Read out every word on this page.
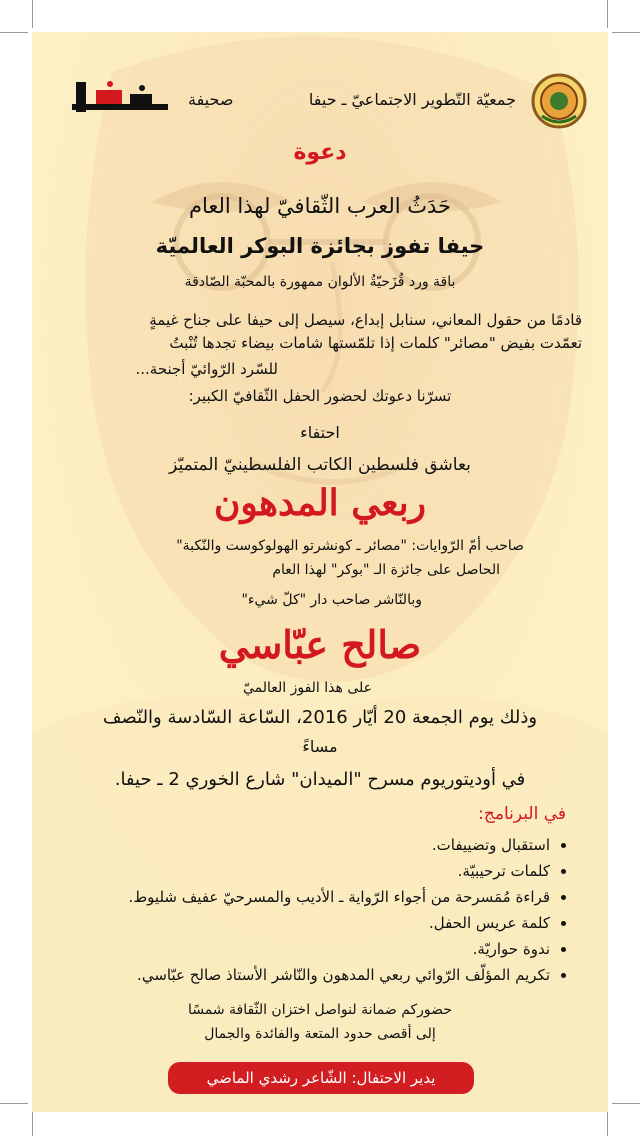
جمعيّة التّطوير الاجتماعيّ ـ حيفا
صحيفة
دعوة
حَدَثُ العرب الثّقافيّ لهذا العام
حيفا تفوز بجائزة البوكر العالميّة
باقة ورد قُزَحيّةُ الألوان ممهورة بالمحبّة الصّادقة
قادمًا من حقول المعاني، سنابل إبداع، سيصل إلى حيفا على جناح غيمةٍ
تعمّدت بفيض "مصائر" كلمات إذا تلمّستها شامات بيضاء تجدها تُنْبتُ
للسّرد الرّوائيّ أجنحة...
تسرّنا دعوتك لحضور الحفل الثّقافيّ الكبير:
احتفاء
بعاشق فلسطين الكاتب الفلسطينيّ المتميّز
ربعي المدهون
صاحب أمّ الرّوايات: "مصائر ـ كونشرتو الهولوكوست والنّكبة"
الحاصل على جائزة الـ "بوكر" لهذا العام
وبالنّاشر صاحب دار "كلّ شيء"
صالح عبّاسي
على هذا الفوز العالميّ
وذلك يوم الجمعة 20 أيّار 2016، السّاعة السّادسة والنّصف
مساءً
في أوديتوريوم مسرح "الميدان" شارع الخوري 2 ـ حيفا.
في البرنامج:
• استقبال وتضييفات.
• كلمات ترحيبيّة.
• قراءة مُمَسرحة من أجواء الرّواية ـ الأديب والمسرحيّ عفيف شليوط.
• كلمة عريس الحفل.
• ندوة حواريّة.
• تكريم المؤلّف الرّوائي ربعي المدهون والنّاشر الأستاذ صالح عبّاسي.
حضوركم ضمانة لنواصل اختزان الثّقافة شمسًا
إلى أقصى حدود المتعة والفائدة والجمال
يدير الاحتفال: الشّاعر رشدي الماضي
